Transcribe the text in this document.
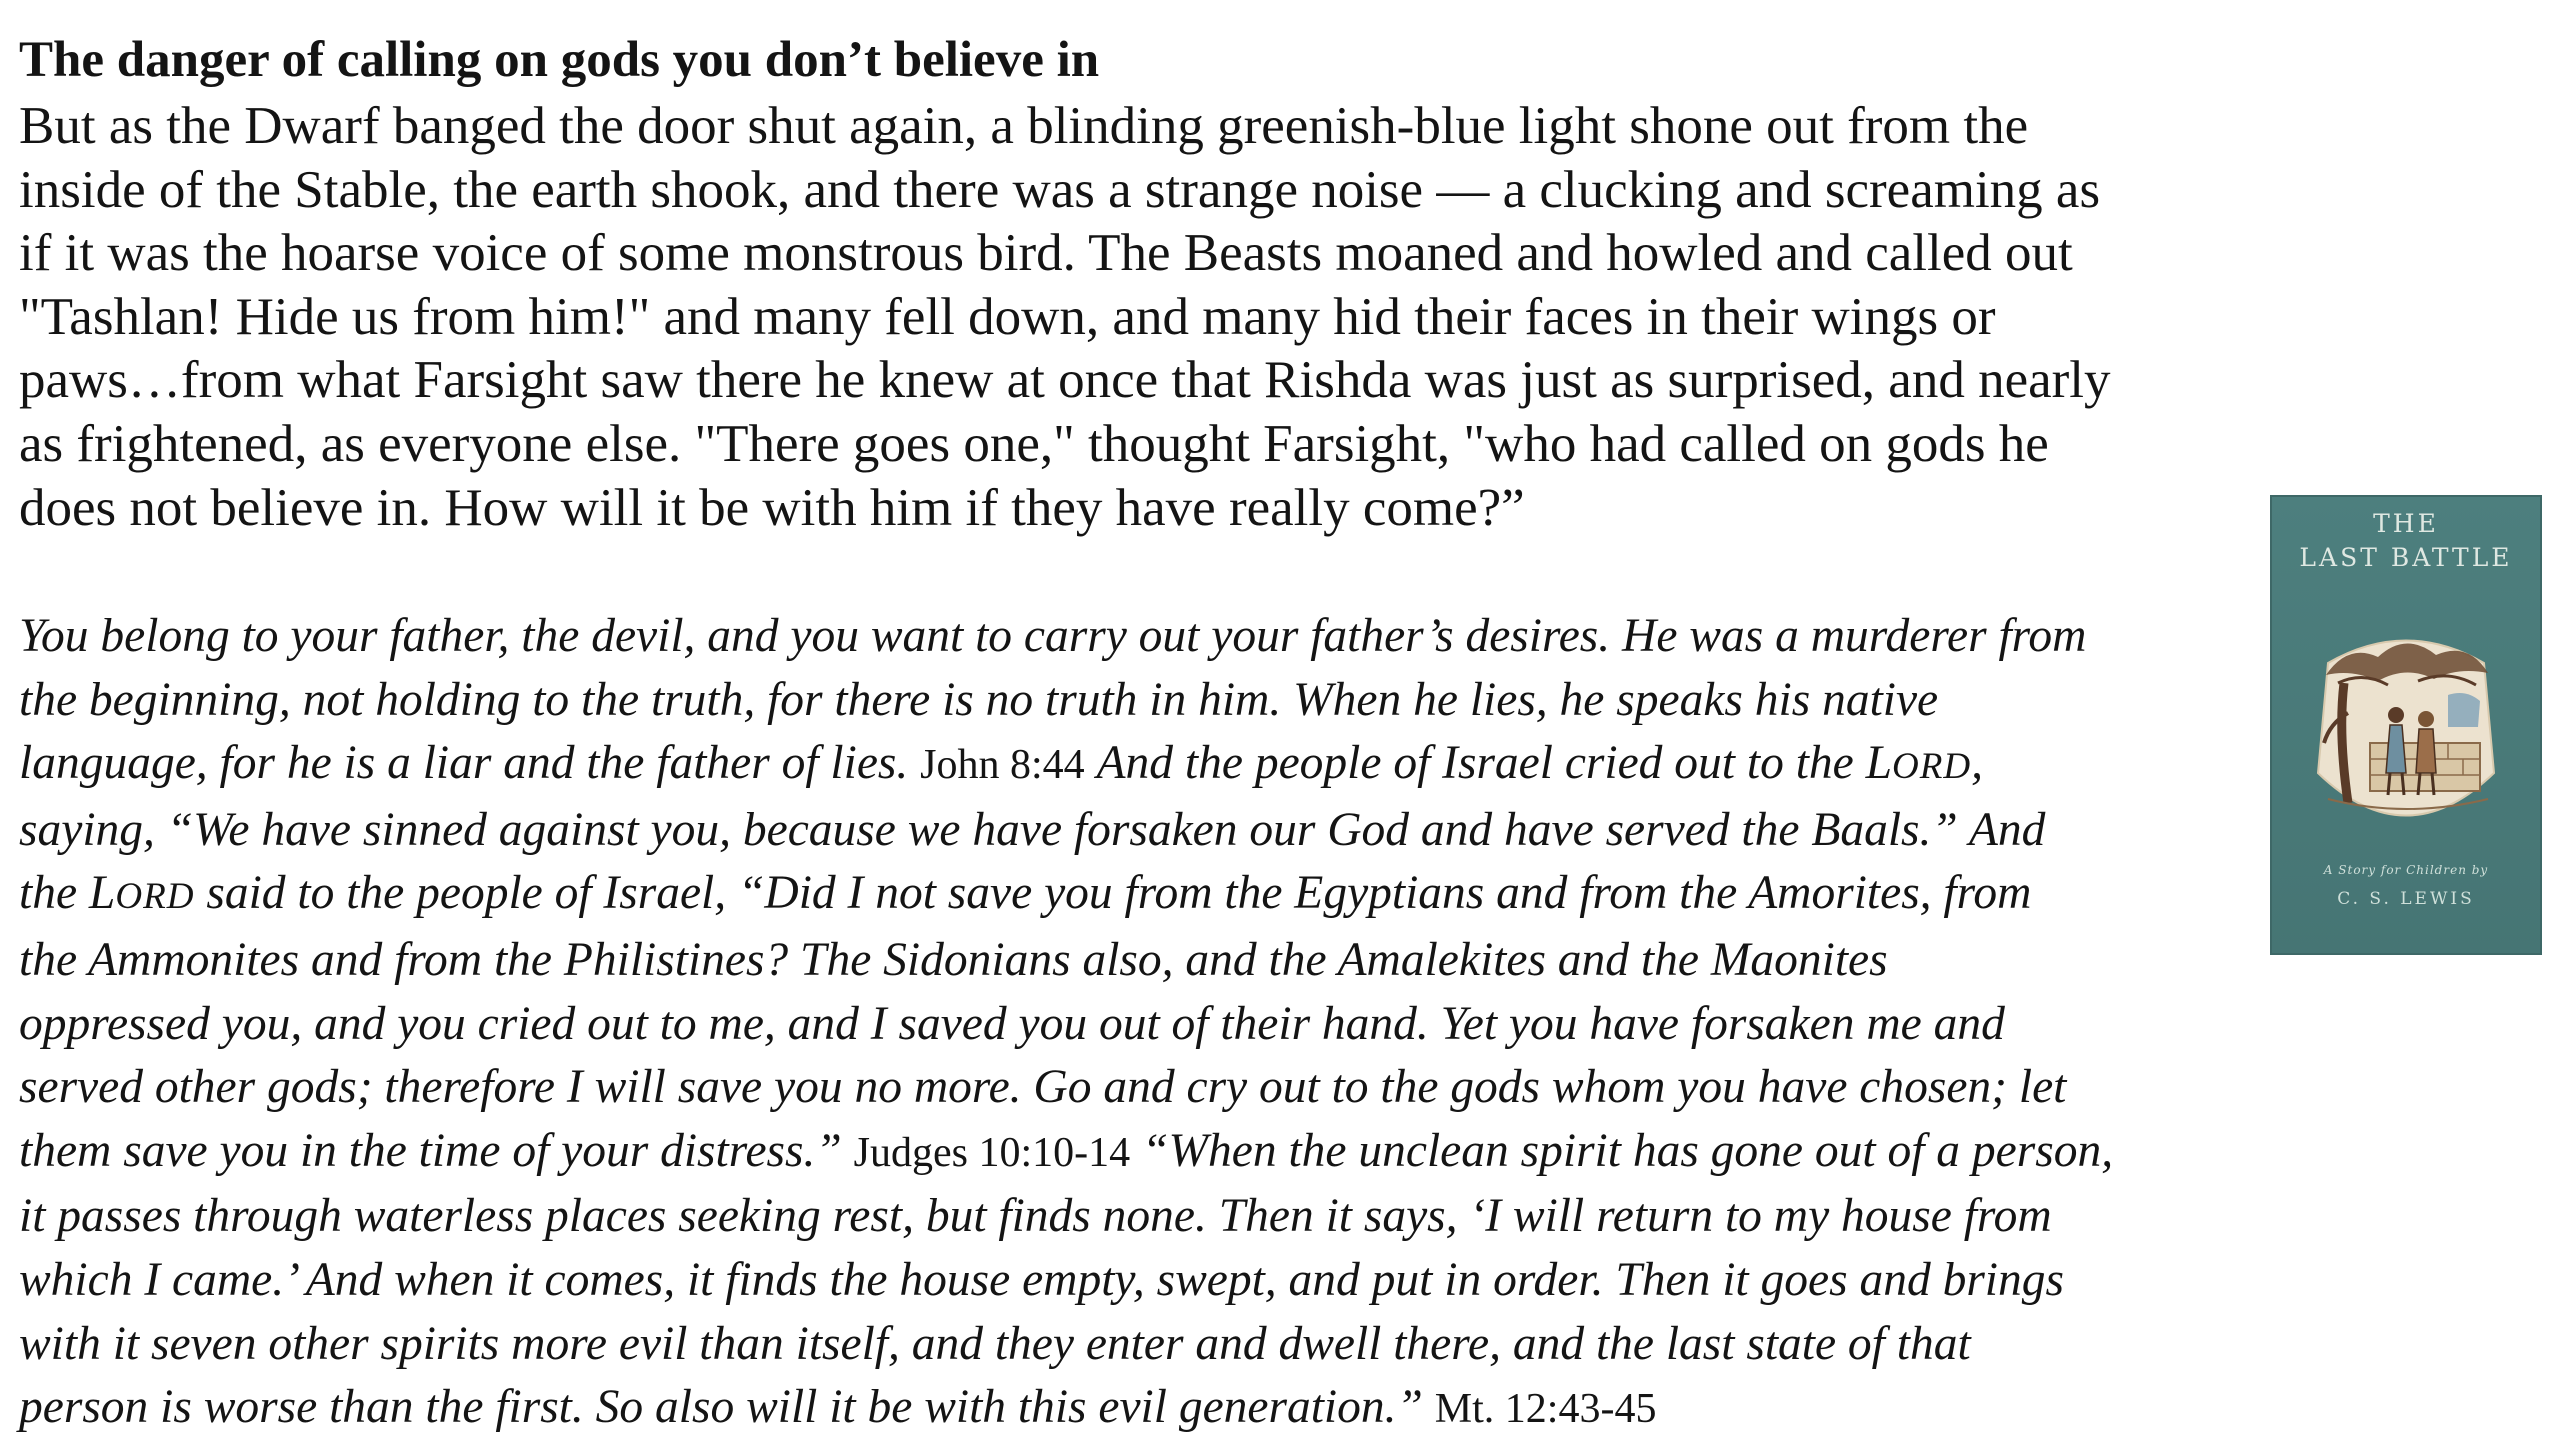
The danger of calling on gods you don’t believe in
But as the Dwarf banged the door shut again, a blinding greenish-blue light shone out from the
inside of the Stable, the earth shook, and there was a strange noise — a clucking and screaming as
if it was the hoarse voice of some monstrous bird. The Beasts moaned and howled and called out
"Tashlan! Hide us from him!" and many fell down, and many hid their faces in their wings or
paws…from what Farsight saw there he knew at once that Rishda was just as surprised, and nearly
as frightened, as everyone else. "There goes one," thought Farsight, "who had called on gods he
does not believe in. How will it be with him if they have really come?”
You belong to your father, the devil, and you want to carry out your father’s desires. He was a murderer from
the beginning, not holding to the truth, for there is no truth in him. When he lies, he speaks his native
language, for he is a liar and the father of lies. John 8:44 And the people of Israel cried out to the LORD,
saying, “We have sinned against you, because we have forsaken our God and have served the Baals.” And
the LORD said to the people of Israel, “Did I not save you from the Egyptians and from the Amorites, from
the Ammonites and from the Philistines? The Sidonians also, and the Amalekites and the Maonites
oppressed you, and you cried out to me, and I saved you out of their hand. Yet you have forsaken me and
served other gods; therefore I will save you no more. Go and cry out to the gods whom you have chosen; let
them save you in the time of your distress.” Judges 10:10-14 “When the unclean spirit has gone out of a person,
it passes through waterless places seeking rest, but finds none. Then it says, ‘I will return to my house from
which I came.’ And when it comes, it finds the house empty, swept, and put in order. Then it goes and brings
with it seven other spirits more evil than itself, and they enter and dwell there, and the last state of that
person is worse than the first. So also will it be with this evil generation.” Mt. 12:43-45
THE
LAST BATTLE
A Story for Children by
C. S. LEWIS
